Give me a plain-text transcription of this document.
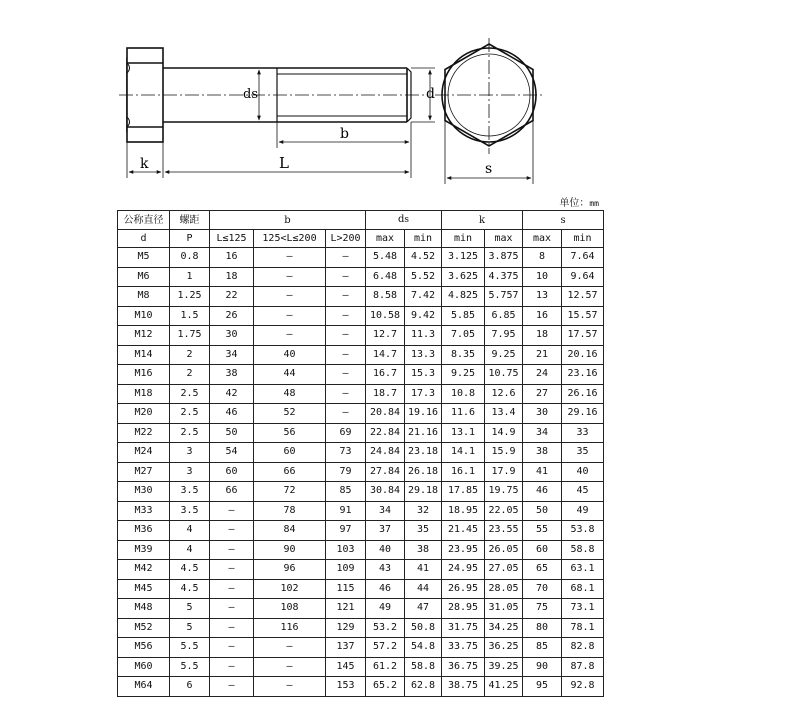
ds	d
b
k	L	s
单位：mm
公称直径	螺距	b			ds		k		s	
d	P	L≤125	125<L≤200	L>200	max	min	min	max	max	min
M5	0.8	16	—	—	5.48	4.52	3.125	3.875	8	7.64
M6	1	18	—	—	6.48	5.52	3.625	4.375	10	9.64
M8	1.25	22	—	—	8.58	7.42	4.825	5.757	13	12.57
M10	1.5	26	—	—	10.58	9.42	5.85	6.85	16	15.57
M12	1.75	30	—	—	12.7	11.3	7.05	7.95	18	17.57
M14	2	34	40	—	14.7	13.3	8.35	9.25	21	20.16
M16	2	38	44	—	16.7	15.3	9.25	10.75	24	23.16
M18	2.5	42	48	—	18.7	17.3	10.8	12.6	27	26.16
M20	2.5	46	52	—	20.84	19.16	11.6	13.4	30	29.16
M22	2.5	50	56	69	22.84	21.16	13.1	14.9	34	33
M24	3	54	60	73	24.84	23.18	14.1	15.9	38	35
M27	3	60	66	79	27.84	26.18	16.1	17.9	41	40
M30	3.5	66	72	85	30.84	29.18	17.85	19.75	46	45
M33	3.5	—	78	91	34	32	18.95	22.05	50	49
M36	4	—	84	97	37	35	21.45	23.55	55	53.8
M39	4	—	90	103	40	38	23.95	26.05	60	58.8
M42	4.5	—	96	109	43	41	24.95	27.05	65	63.1
M45	4.5	—	102	115	46	44	26.95	28.05	70	68.1
M48	5	—	108	121	49	47	28.95	31.05	75	73.1
M52	5	—	116	129	53.2	50.8	31.75	34.25	80	78.1
M56	5.5	—	—	137	57.2	54.8	33.75	36.25	85	82.8
M60	5.5	—	—	145	61.2	58.8	36.75	39.25	90	87.8
M64	6	—	—	153	65.2	62.8	38.75	41.25	95	92.8
